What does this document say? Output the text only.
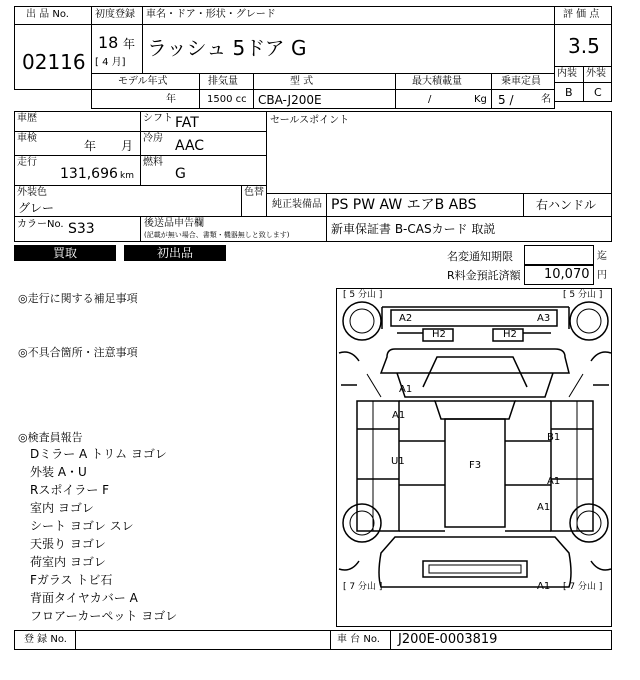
出 品 No.
02116
初度登録
18 年
[ 4 月]
車名・ドア・形状・グレード
ラッシュ 5ドア G
モデル年式
年
排気量
1500 cc
型 式
CBA-J200E
最大積載量
/	Kg
乗車定員
5 /	名
評 価 点
3.5
内装 外装
B C
車歴	シフト FAT
車検
年 月
冷房 AAC
走行
131,696 km
燃料
G
セールスポイント
外装色
グレー
色替
純正装備品 PS PW AW エアB ABS	右ハンドル
カラーNo. S33	後送品申告欄
(記載が無い場合、書類・機器無しと致します)	新車保証書 B-CASカード 取説
買取	初出品	名変通知期限	迄
R料金預託済額 10,070 円
◎走行に関する補足事項
◎不具合箇所・注意事項
◎検査員報告
Dミラー A トリム ヨゴレ
外装 A・U
Rスポイラー F
室内 ヨゴレ
シート ヨゴレ スレ
天張り ヨゴレ
荷室内 ヨゴレ
Fガラス トビ石
背面タイヤカバー A
フロアーカーペット ヨゴレ
[ 5 分山 ]	[ 5 分山 ]
[ 7 分山 ]	[ 7 分山 ]
A2	A3
H2	H2
A1
A1
U1	F3
B1
A1
A1
A1
登 録 No.	車 台 No. J200E-0003819
